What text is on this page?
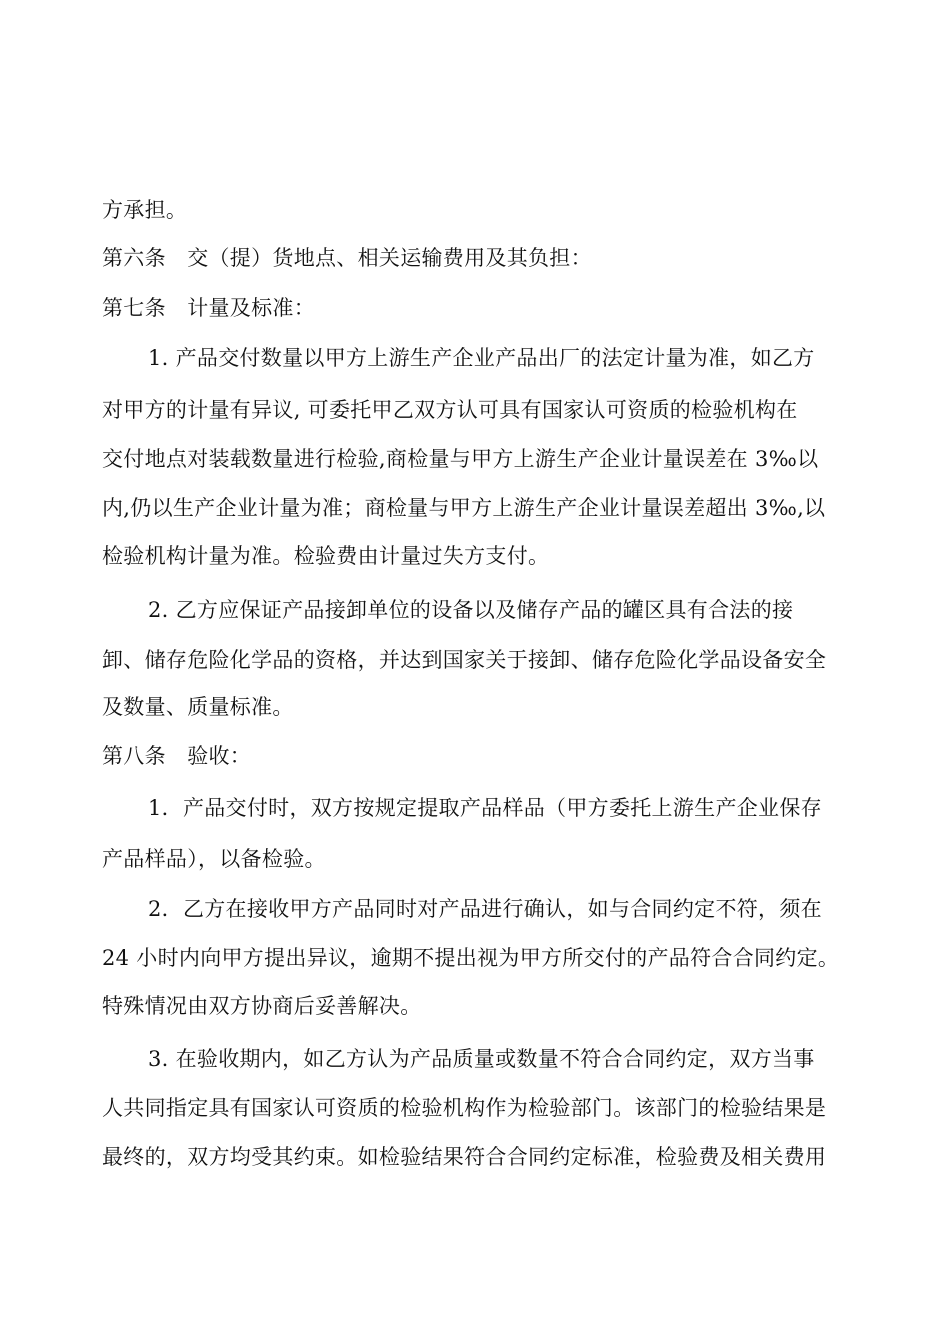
方承担。
第六条　交（提）货地点、相关运输费用及其负担：
第七条　计量及标准：
1. 产品交付数量以甲方上游生产企业产品出厂的法定计量为准，如乙方
对甲方的计量有异议, 可委托甲乙双方认可具有国家认可资质的检验机构在
交付地点对装载数量进行检验,商检量与甲方上游生产企业计量误差在 3‰以
内,仍以生产企业计量为准；商检量与甲方上游生产企业计量误差超出 3‰,以
检验机构计量为准。检验费由计量过失方支付。
2. 乙方应保证产品接卸单位的设备以及储存产品的罐区具有合法的接
卸、储存危险化学品的资格，并达到国家关于接卸、储存危险化学品设备安全
及数量、质量标准。
第八条　验收：
1．产品交付时，双方按规定提取产品样品（甲方委托上游生产企业保存
产品样品），以备检验。
2．乙方在接收甲方产品同时对产品进行确认，如与合同约定不符，须在
24 小时内向甲方提出异议，逾期不提出视为甲方所交付的产品符合合同约定。
特殊情况由双方协商后妥善解决。
3. 在验收期内，如乙方认为产品质量或数量不符合合同约定，双方当事
人共同指定具有国家认可资质的检验机构作为检验部门。该部门的检验结果是
最终的，双方均受其约束。如检验结果符合合同约定标准，检验费及相关费用
